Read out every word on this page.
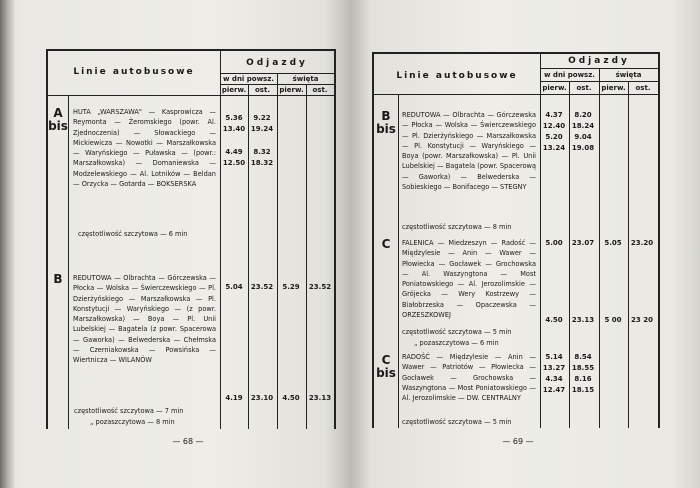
Linie autobusowe
Odjazdy
w dni powsz.	święta
pierw.	ost.	pierw.	ost.
A bis
HUTA „WARSZAWA" — Kasprowicza — Reymonta — Żeromskiego (powr. Al. Zjednoczenia) — Słowackiego — Mickiewicza — Nowotki — Marszałkowska — Waryńskiego — Puławska — (powr.: Marszałkowska) — Domaniewska — Modzelewskiego — Al. Lotników — Beldan — Orzycka — Gotarda — BOKSERSKA
częstotliwość szczytowa — 6 min
5.36	9.22
13.40 19.24
4.49	8.32
12.50 18.32
B	REDUTOWA — Olbrachta — Górczewska — Płocka — Wolska — Świerczewskiego — Pl. Dzierżyńskiego — Marszałkowska — Pl. Konstytucji — Waryńskiego — (z powr. Marszałkowska) — Boya — Pl. Unii Lubelskiej — Bagatela (z powr. Spacerowa — Gaworka) — Belwederska — Chełmska — Czerniakowska — Powsińska — Wiertnicza — WILANÓW
częstotliwość szczytowa — 7 min
„ pozaszczytowa — 8 min
5.04	23.52	5.29	23.52
4.19	23.10	4.50	23.13
— 68 —
Linie autobusowe
Odjazdy
w dni powsz.	święta
pierw.	ost.	pierw.	ost.
B bis
REDUTOWA — Olbrachta — Górczewska — Płocka — Wolska — Świerczewskiego — Pl. Dzierżyńskiego — Marszałkowska — Pl. Konstytucji — Waryńskiego — Boya (powr. Marszałkowska) — Pl. Unii Lubelskiej — Bagatela (powr. Spacerową — Gaworka) — Belwederska — Sobieskiego — Bonifacego — STEGNY
częstotliwość szczytowa — 8 min
4.37	8.20
12.40 18.24
5.20	9.04
13.24 19.08
C	FALENICA — Miedzeszyn — Radość — Międzylesie — Anin — Wawer — Płowiecka — Gocławek — Grochowska — Al. Waszyngtona — Most Poniatowskiego — Al. Jerozolimskie — Grójecka — Wery Kostrzewy — Białobrzeska — Opaczewska — ORZESZKOWEJ
częstotliwość szczytowa — 5 min
„ pozaszczytowa — 6 min
5.00	23.07	5.05	23.20
4.50	23.13	5 00	23 20
C bis
RADOŚĆ — Międzylesie — Anin — Wawer — Patriotów — Płowiecka — Gocławek — Grochowska — Waszyngtona — Most Poniatowskiego — Al. Jerozolimskie — DW. CENTRALNY
częstotliwość szczytowa — 5 min
5.14	8.54
13.27 18.55
4.34	8.16
12.47 18.15
— 69 —
